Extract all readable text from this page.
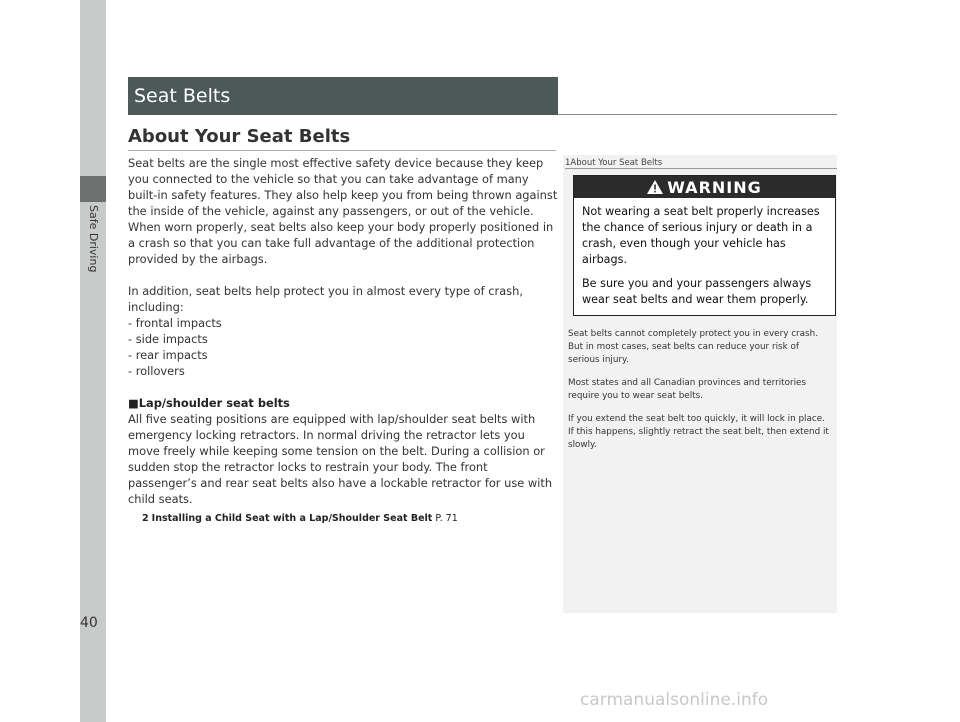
Safe Driving
Seat Belts
About Your Seat Belts

Seat belts are the single most effective safety device because they keep you connected to the vehicle so that you can take advantage of many built-in safety features. They also help keep you from being thrown against the inside of the vehicle, against any passengers, or out of the vehicle. When worn properly, seat belts also keep your body properly positioned in a crash so that you can take full advantage of the additional protection provided by the airbags.

In addition, seat belts help protect you in almost every type of crash, including:

- frontal impacts
- side impacts
- rear impacts
- rollovers

■Lap/shoulder seat belts

All five seating positions are equipped with lap/shoulder seat belts with emergency locking retractors. In normal driving the retractor lets you move freely while keeping some tension on the belt. During a collision or sudden stop the retractor locks to restrain your body. The front passenger’s and rear seat belts also have a lockable retractor for use with child seats.

2 Installing a Child Seat with a Lap/Shoulder Seat Belt P. 71
1About Your Seat Belts
WARNING

Not wearing a seat belt properly increases the chance of serious injury or death in a crash, even though your vehicle has airbags.

Be sure you and your passengers always wear seat belts and wear them properly.

Seat belts cannot completely protect you in every crash. But in most cases, seat belts can reduce your risk of serious injury.

Most states and all Canadian provinces and territories require you to wear seat belts.

If you extend the seat belt too quickly, it will lock in place. If this happens, slightly retract the seat belt, then extend it slowly.

40
carmanualsonline.info
